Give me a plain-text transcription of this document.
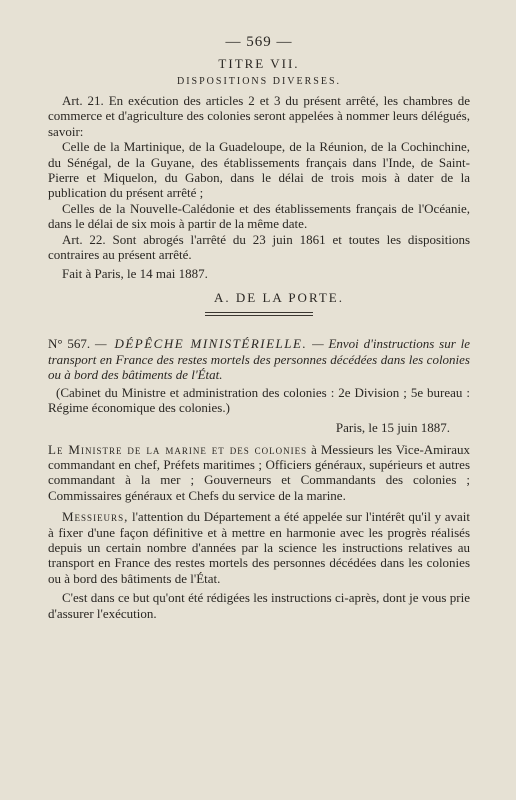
— 569 —
TITRE VII.
DISPOSITIONS DIVERSES.

Art. 21. En exécution des articles 2 et 3 du présent arrêté, les chambres de commerce et d'agriculture des colonies seront appelées à nommer leurs délégués, savoir:

Celle de la Martinique, de la Guadeloupe, de la Réunion, de la Cochinchine, du Sénégal, de la Guyane, des établissements français dans l'Inde, de Saint-Pierre et Miquelon, du Gabon, dans le délai de trois mois à dater de la publication du présent arrêté ;

Celles de la Nouvelle-Calédonie et des établissements français de l'Océanie, dans le délai de six mois à partir de la même date.

Art. 22. Sont abrogés l'arrêté du 23 juin 1861 et toutes les dispositions contraires au présent arrêté.

Fait à Paris, le 14 mai 1887.
A. DE LA PORTE.

N° 567. — DÉPÊCHE MINISTÉRIELLE. — Envoi d'instructions sur le transport en France des restes mortels des personnes décédées dans les colonies ou à bord des bâtiments de l'État.

(Cabinet du Ministre et administration des colonies : 2e Division ; 5e bureau : Régime économique des colonies.)

Paris, le 15 juin 1887.

Le Ministre de la marine et des colonies à Messieurs les Vice-Amiraux commandant en chef, Préfets maritimes ; Officiers généraux, supérieurs et autres commandant à la mer ; Gouverneurs et Commandants des colonies ; Commissaires généraux et Chefs du service de la marine.

Messieurs, l'attention du Département a été appelée sur l'intérêt qu'il y avait à fixer d'une façon définitive et à mettre en harmonie avec les progrès réalisés depuis un certain nombre d'années par la science les instructions relatives au transport en France des restes mortels des personnes décédées dans les colonies ou à bord des bâtiments de l'État.

C'est dans ce but qu'ont été rédigées les instructions ci-après, dont je vous prie d'assurer l'exécution.
